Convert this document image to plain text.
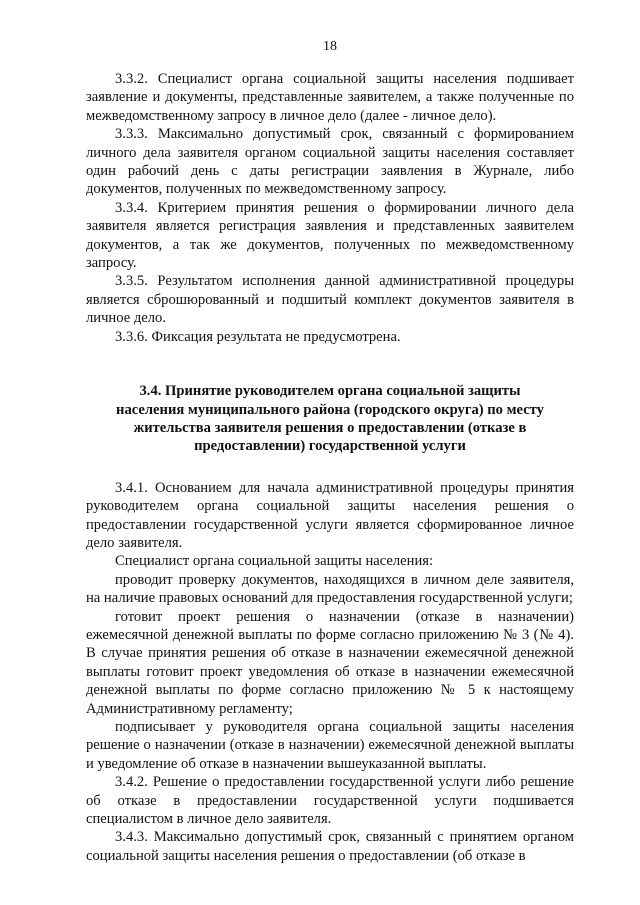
18

3.3.2. Специалист органа социальной защиты населения подшивает заявление и документы, представленные заявителем, а также полученные по межведомственному запросу в личное дело (далее - личное дело).

3.3.3. Максимально допустимый срок, связанный с формированием личного дела заявителя органом социальной защиты населения составляет один рабочий день с даты регистрации заявления в Журнале, либо документов, полученных по межведомственному запросу.

3.3.4. Критерием принятия решения о формировании личного дела заявителя является регистрация заявления и представленных заявителем документов, а так же документов, полученных по межведомственному запросу.

3.3.5. Результатом исполнения данной административной процедуры является сброшюрованный и подшитый комплект документов заявителя в личное дело.

3.3.6. Фиксация результата не предусмотрена.

3.4. Принятие руководителем органа социальной защиты населения муниципального района (городского округа) по месту жительства заявителя решения о предоставлении (отказе в предоставлении) государственной услуги

3.4.1. Основанием для начала административной процедуры принятия руководителем органа социальной защиты населения решения о предоставлении государственной услуги является сформированное личное дело заявителя.

Специалист органа социальной защиты населения:

проводит проверку документов, находящихся в личном деле заявителя, на наличие правовых оснований для предоставления государственной услуги;

готовит проект решения о назначении (отказе в назначении) ежемесячной денежной выплаты по форме согласно приложению № 3 (№ 4). В случае принятия решения об отказе в назначении ежемесячной денежной выплаты готовит проект уведомления об отказе в назначении ежемесячной денежной выплаты по форме согласно приложению № 5 к настоящему Административному регламенту;

подписывает у руководителя органа социальной защиты населения решение о назначении (отказе в назначении) ежемесячной денежной выплаты и уведомление об отказе в назначении вышеуказанной выплаты.

3.4.2. Решение о предоставлении государственной услуги либо решение об отказе в предоставлении государственной услуги подшивается специалистом в личное дело заявителя.

3.4.3. Максимально допустимый срок, связанный с принятием органом социальной защиты населения решения о предоставлении (об отказе в
